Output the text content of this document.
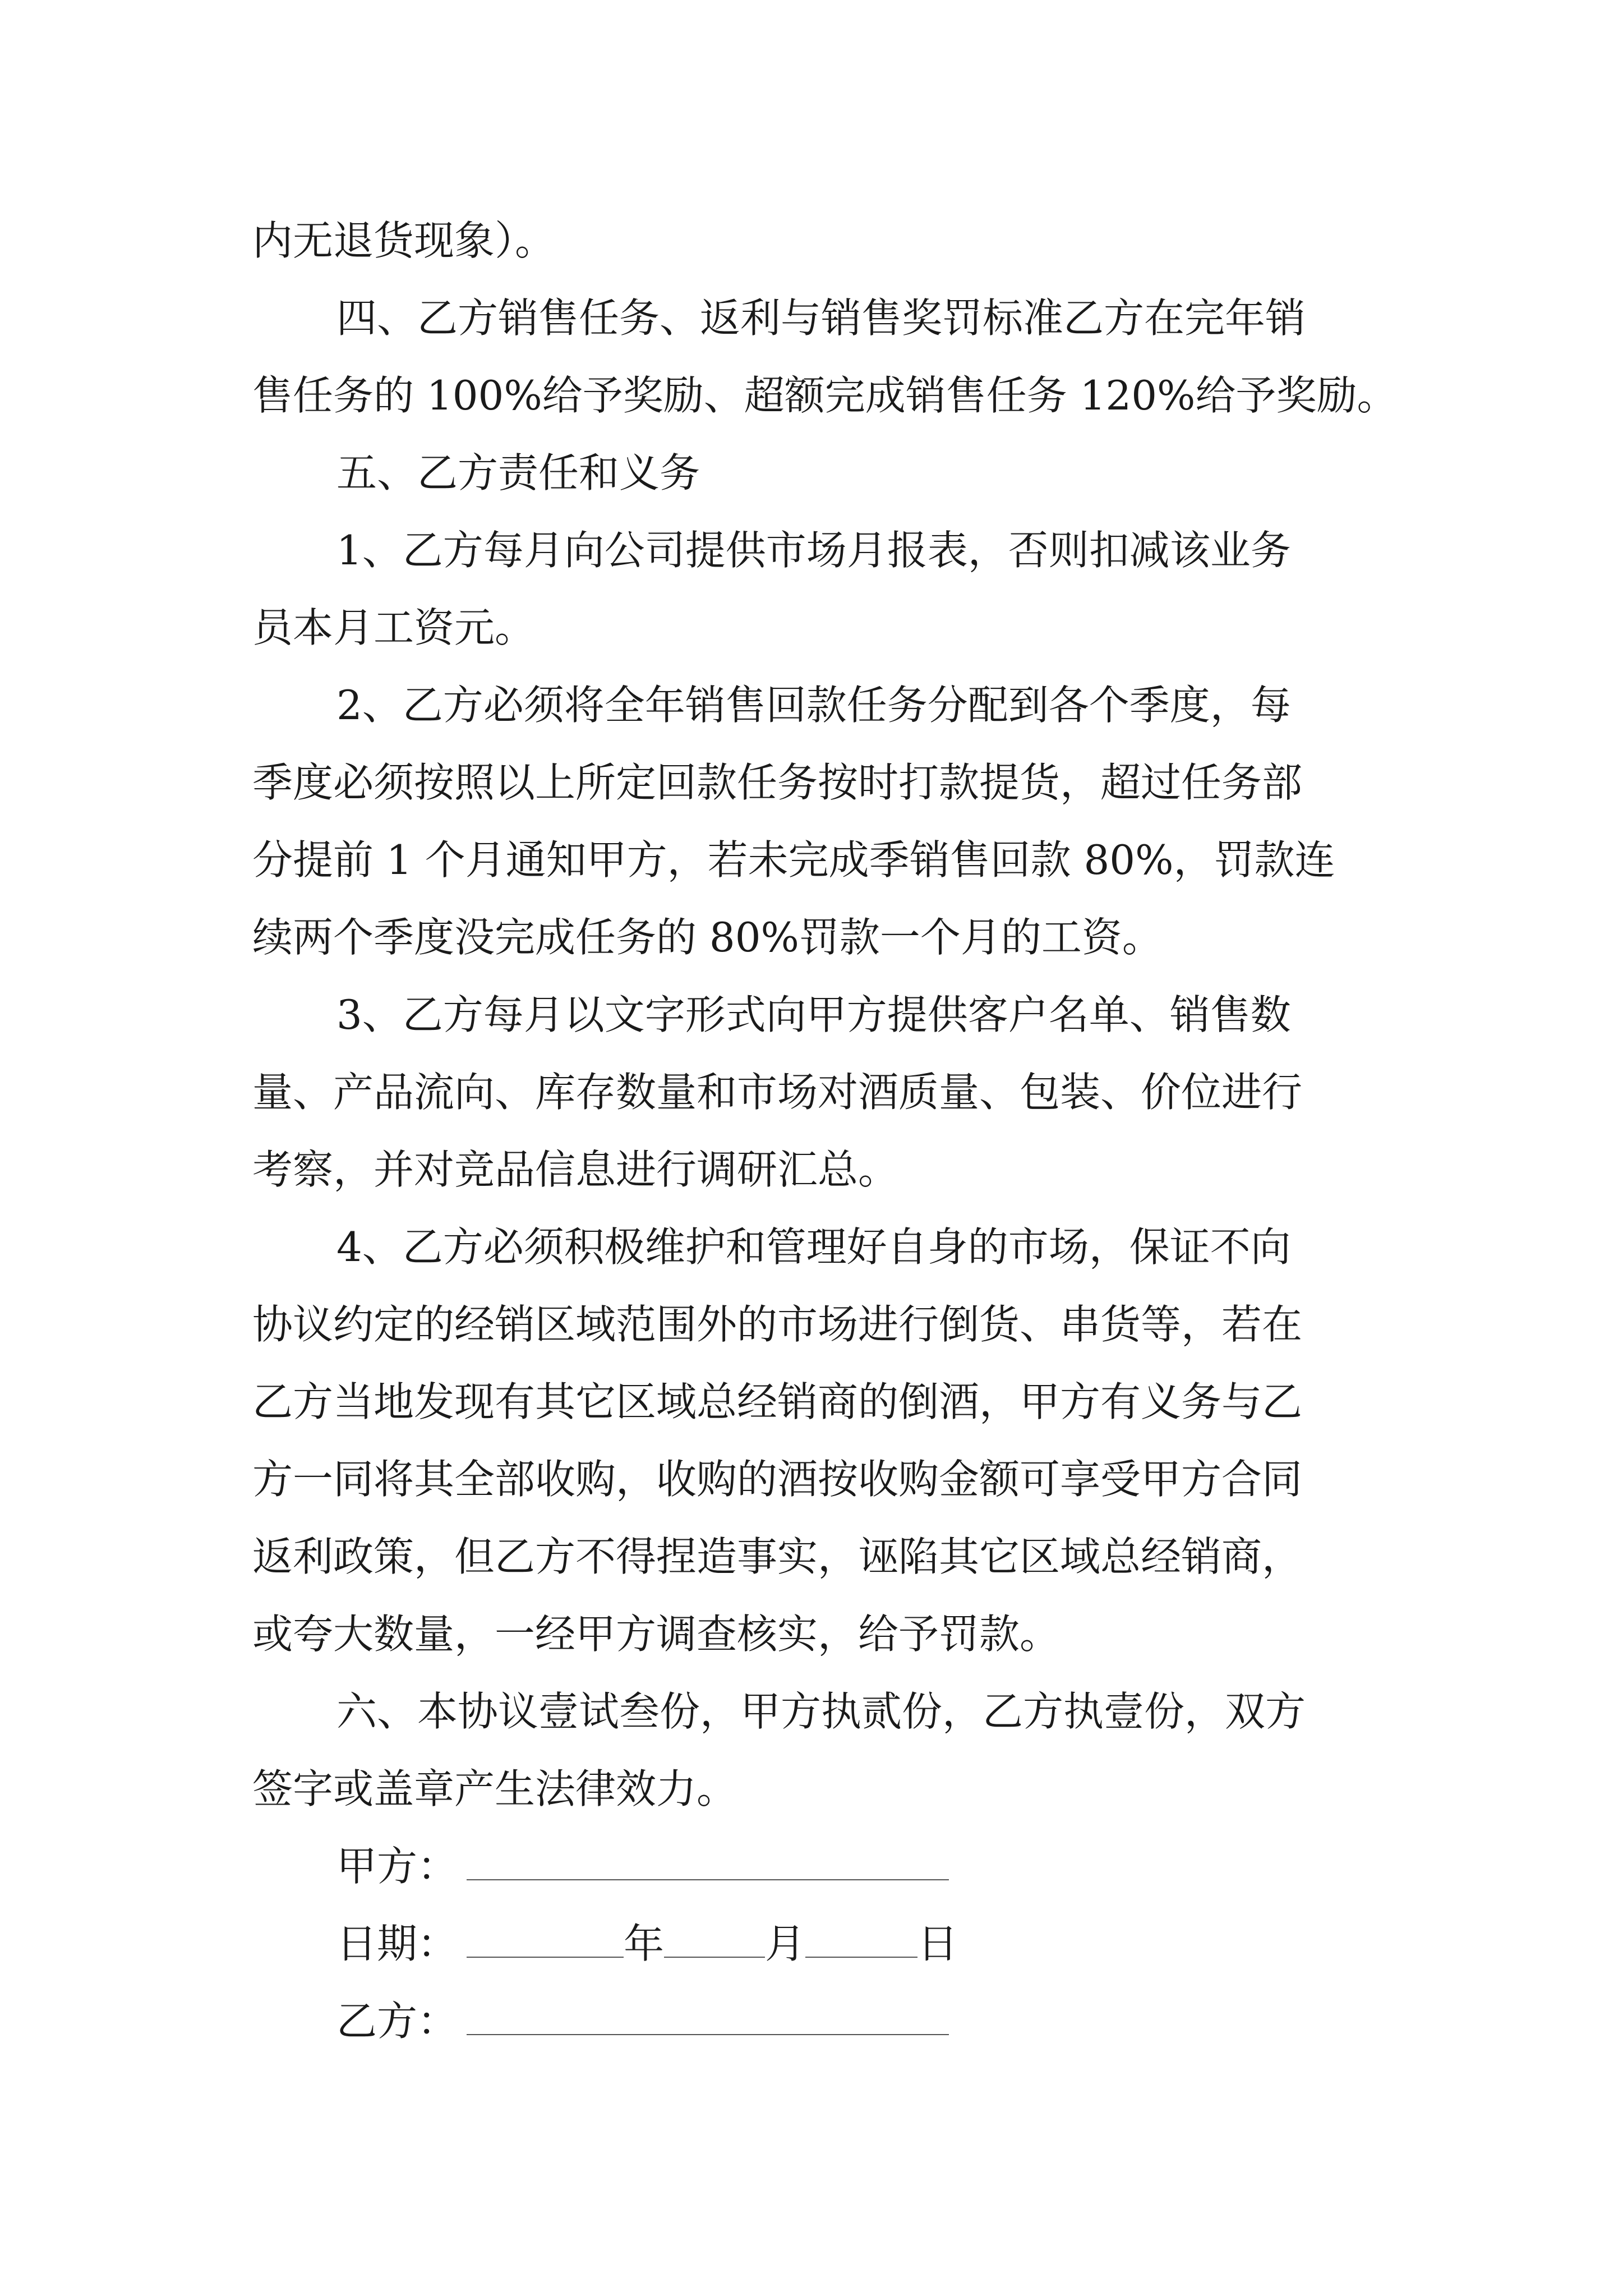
内无退货现象）。
四、乙方销售任务、返利与销售奖罚标准乙方在完年销
售任务的 100%给予奖励、超额完成销售任务 120%给予奖励。
五、乙方责任和义务
1、乙方每月向公司提供市场月报表，否则扣减该业务
员本月工资元。
2、乙方必须将全年销售回款任务分配到各个季度，每
季度必须按照以上所定回款任务按时打款提货，超过任务部
分提前 1 个月通知甲方，若未完成季销售回款 80%，罚款连
续两个季度没完成任务的 80%罚款一个月的工资。
3、乙方每月以文字形式向甲方提供客户名单、销售数
量、产品流向、库存数量和市场对酒质量、包装、价位进行
考察，并对竞品信息进行调研汇总。
4、乙方必须积极维护和管理好自身的市场，保证不向
协议约定的经销区域范围外的市场进行倒货、串货等，若在
乙方当地发现有其它区域总经销商的倒酒，甲方有义务与乙
方一同将其全部收购，收购的酒按收购金额可享受甲方合同
返利政策，但乙方不得捏造事实，诬陷其它区域总经销商，
或夸大数量，一经甲方调查核实，给予罚款。
六、本协议壹试叁份，甲方执贰份，乙方执壹份，双方
签字或盖章产生法律效力。
甲方：
日期：	年	月	日
乙方：
